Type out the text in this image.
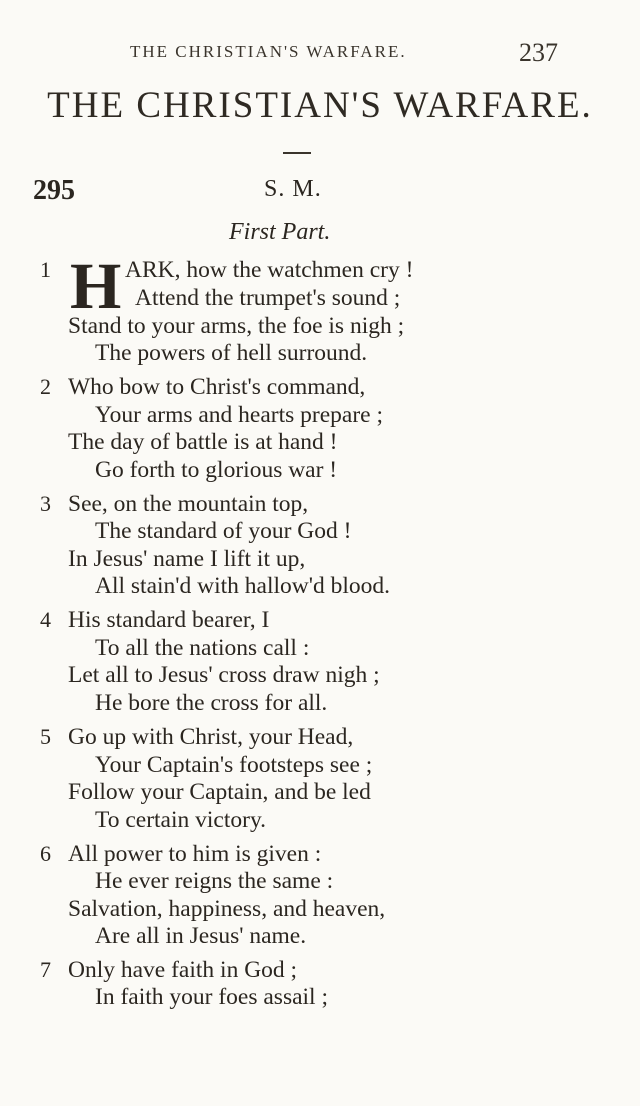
THE CHRISTIAN'S WARFARE.	237
THE CHRISTIAN'S WARFARE.
295	S. M.
First Part.
H
1	ARK, how the watchmen cry !
Attend the trumpet's sound ;
Stand to your arms, the foe is nigh ;
The powers of hell surround.
2 Who bow to Christ's command,
Your arms and hearts prepare ;
The day of battle is at hand !
Go forth to glorious war !
3 See, on the mountain top,
The standard of your God !
In Jesus' name I lift it up,
All stain'd with hallow'd blood.
4 His standard bearer, I
To all the nations call :
Let all to Jesus' cross draw nigh ;
He bore the cross for all.
5 Go up with Christ, your Head,
Your Captain's footsteps see ;
Follow your Captain, and be led
To certain victory.
6 All power to him is given :
He ever reigns the same :
Salvation, happiness, and heaven,
Are all in Jesus' name.
7 Only have faith in God ;
In faith your foes assail ;
